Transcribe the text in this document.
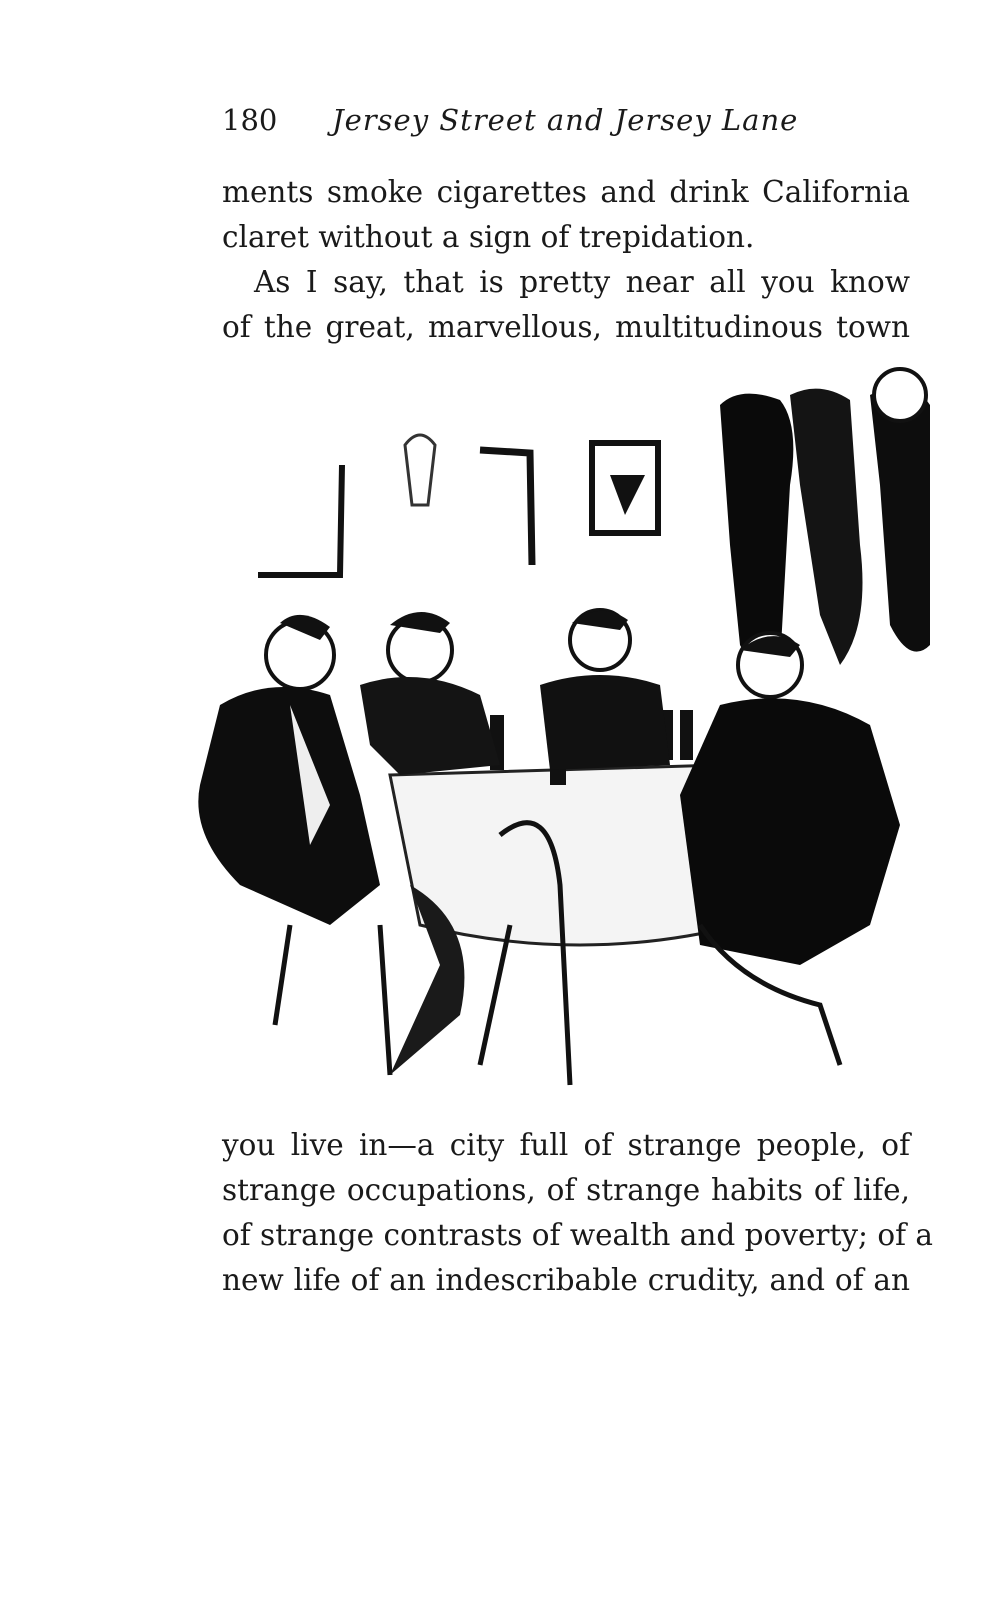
180 Jersey Street and Jersey Lane
ments smoke cigarettes and drink California
claret without a sign of trepidation.
As I say, that is pretty near all you know
of the great, marvellous, multitudinous town
you live in—a city full of strange people, of
strange occupations, of strange habits of life,
of strange contrasts of wealth and poverty; of a
new life of an indescribable crudity, and of an
